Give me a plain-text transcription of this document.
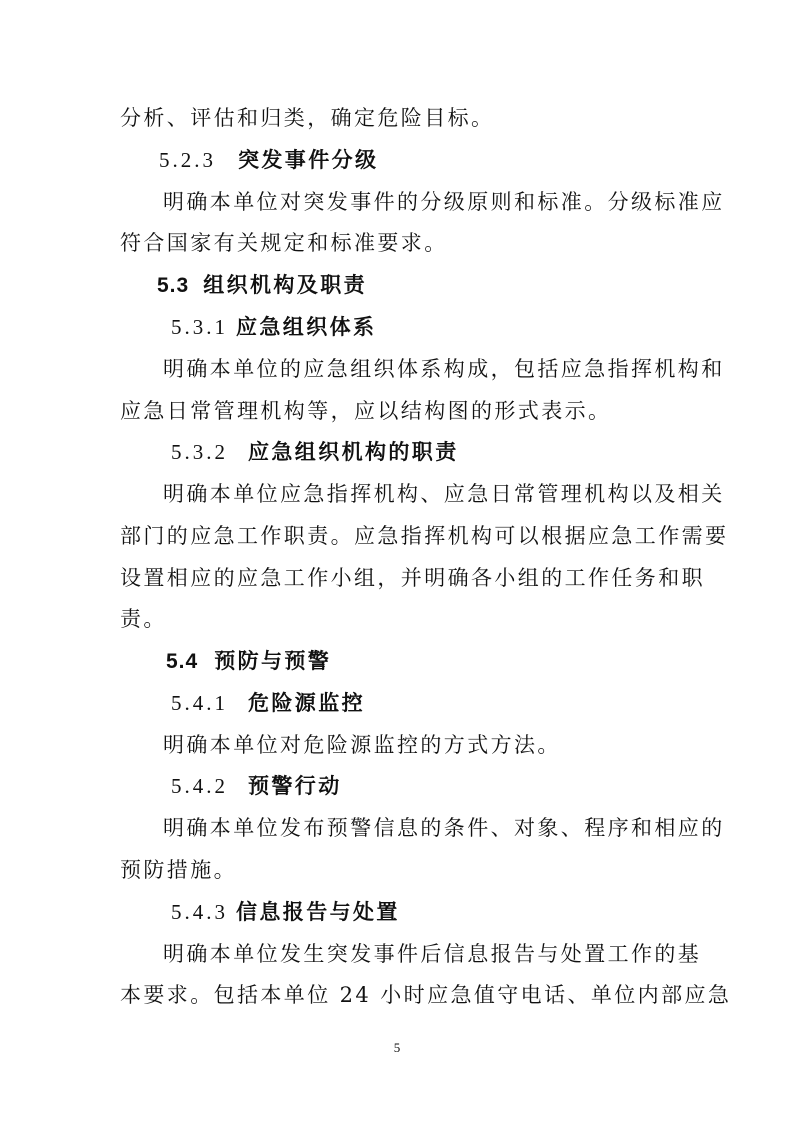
分析、评估和归类，确定危险目标。
5.2.3 突发事件分级
明确本单位对突发事件的分级原则和标准。分级标准应
符合国家有关规定和标准要求。
5.3 组织机构及职责
5.3.1 应急组织体系
明确本单位的应急组织体系构成，包括应急指挥机构和
应急日常管理机构等，应以结构图的形式表示。
5.3.2 应急组织机构的职责
明确本单位应急指挥机构、应急日常管理机构以及相关
部门的应急工作职责。应急指挥机构可以根据应急工作需要
设置相应的应急工作小组，并明确各小组的工作任务和职
责。
5.4 预防与预警
5.4.1 危险源监控
明确本单位对危险源监控的方式方法。
5.4.2 预警行动
明确本单位发布预警信息的条件、对象、程序和相应的
预防措施。
5.4.3 信息报告与处置
明确本单位发生突发事件后信息报告与处置工作的基
本要求。包括本单位 24 小时应急值守电话、单位内部应急
5
